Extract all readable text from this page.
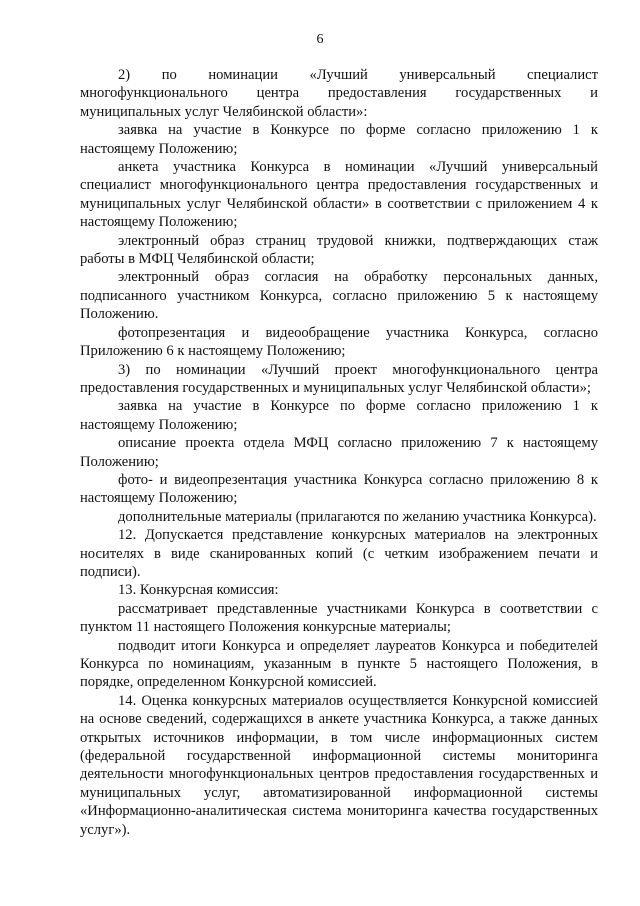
6

2) по номинации «Лучший универсальный специалист многофункционального центра предоставления государственных и муниципальных услуг Челябинской области»:

заявка на участие в Конкурсе по форме согласно приложению 1 к настоящему Положению;

анкета участника Конкурса в номинации «Лучший универсальный специалист многофункционального центра предоставления государственных и муниципальных услуг Челябинской области» в соответствии с приложением 4 к настоящему Положению;

электронный образ страниц трудовой книжки, подтверждающих стаж работы в МФЦ Челябинской области;

электронный образ согласия на обработку персональных данных, подписанного участником Конкурса, согласно приложению 5 к настоящему Положению.

фотопрезентация и видеообращение участника Конкурса, согласно Приложению 6 к настоящему Положению;

3) по номинации «Лучший проект многофункционального центра предоставления государственных и муниципальных услуг Челябинской области»;

заявка на участие в Конкурсе по форме согласно приложению 1 к настоящему Положению;

описание проекта отдела МФЦ согласно приложению 7 к настоящему Положению;

фото- и видеопрезентация участника Конкурса согласно приложению 8 к настоящему Положению;

дополнительные материалы (прилагаются по желанию участника Конкурса).

12. Допускается представление конкурсных материалов на электронных носителях в виде сканированных копий (с четким изображением печати и подписи).

13. Конкурсная комиссия:

рассматривает представленные участниками Конкурса в соответствии с пунктом 11 настоящего Положения конкурсные материалы;

подводит итоги Конкурса и определяет лауреатов Конкурса и победителей Конкурса по номинациям, указанным в пункте 5 настоящего Положения, в порядке, определенном Конкурсной комиссией.

14. Оценка конкурсных материалов осуществляется Конкурсной комиссией на основе сведений, содержащихся в анкете участника Конкурса, а также данных открытых источников информации, в том числе информационных систем (федеральной государственной информационной системы мониторинга деятельности многофункциональных центров предоставления государственных и муниципальных услуг, автоматизированной информационной системы «Информационно-аналитическая система мониторинга качества государственных услуг»).
